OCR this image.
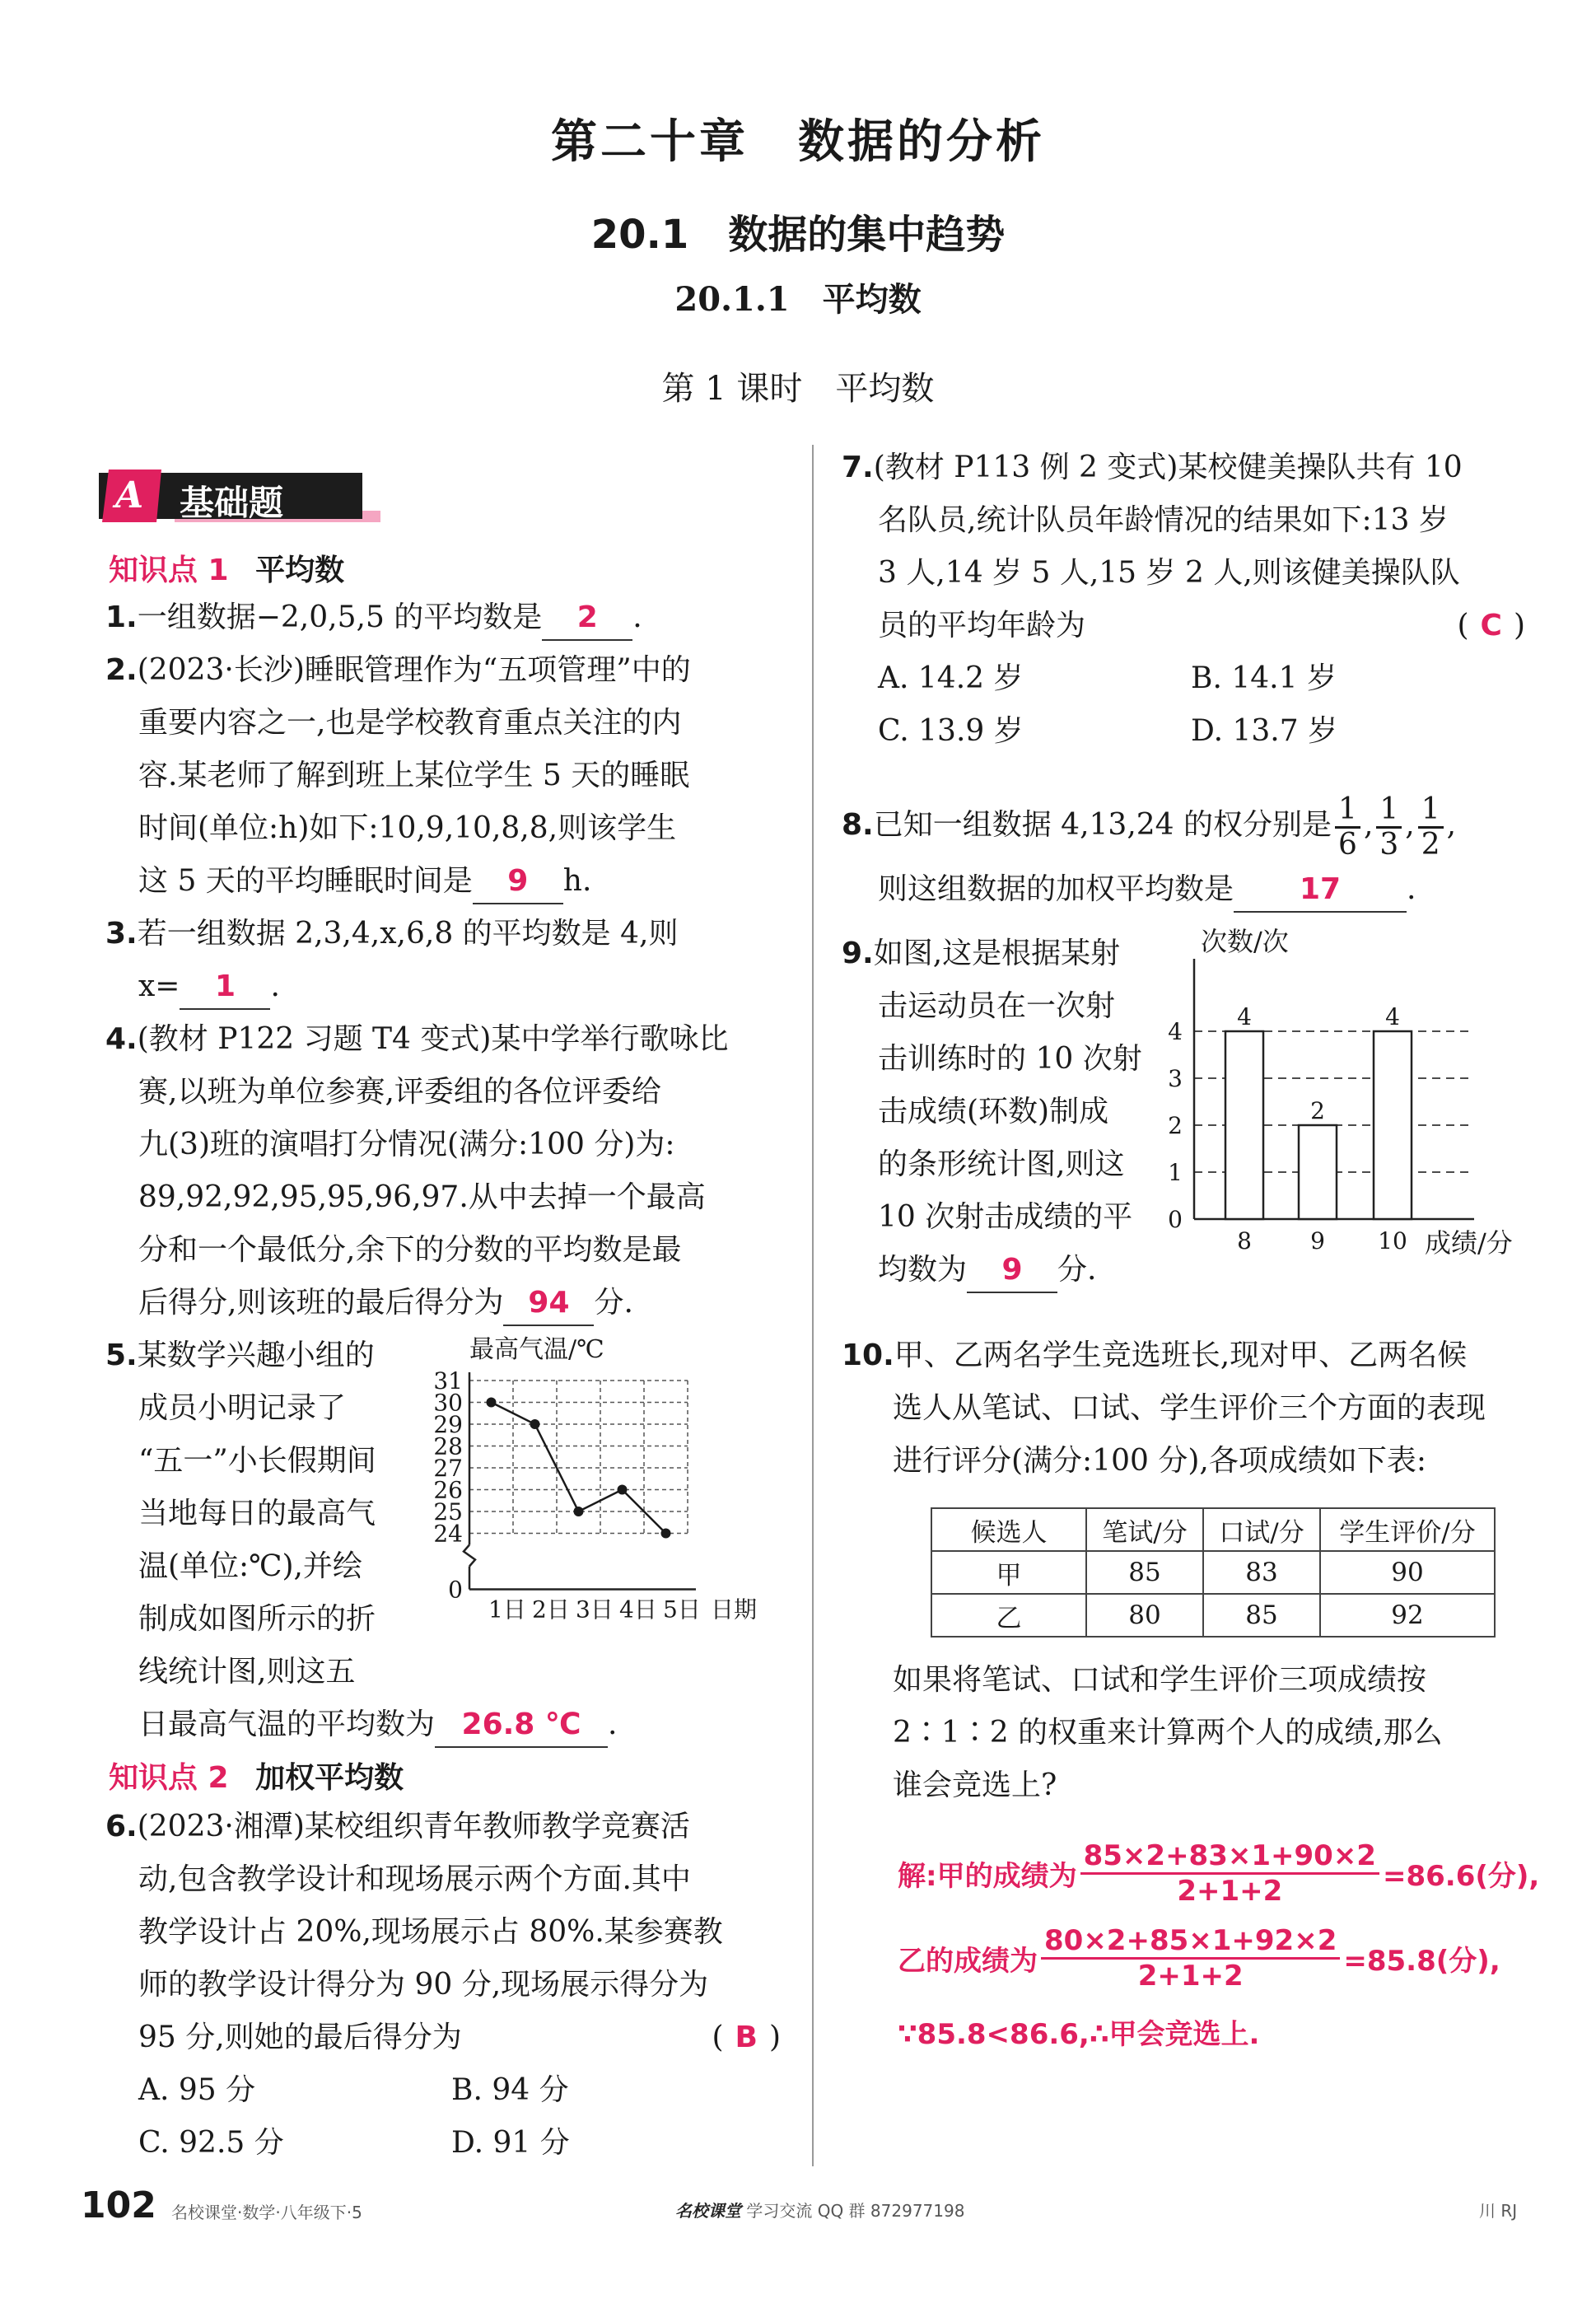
第二十章　数据的分析
20.1　数据的集中趋势
20.1.1　平均数
第 1 课时　平均数
A 基础题
知识点 1 平均数
1.一组数据−2,0,5,5 的平均数是 2 .
2.(2023·长沙)睡眠管理作为“五项管理”中的
重要内容之一,也是学校教育重点关注的内
容.某老师了解到班上某位学生 5 天的睡眠
时间(单位:h)如下:10,9,10,8,8,则该学生
这 5 天的平均睡眠时间是 9 h.
3.若一组数据 2,3,4,x,6,8 的平均数是 4,则
x= 1 .
4.(教材 P122 习题 T4 变式)某中学举行歌咏比
赛,以班为单位参赛,评委组的各位评委给
九(3)班的演唱打分情况(满分:100 分)为:
89,92,92,95,95,96,97.从中去掉一个最高
分和一个最低分,余下的分数的平均数是最
后得分,则该班的最后得分为 94 分.
5.某数学兴趣小组的
成员小明记录了
“五一”小长假期间
当地每日的最高气
温(单位:℃),并绘
制成如图所示的折
线统计图,则这五
日最高气温的平均数为 26.8 ℃ .
最高气温/℃
0
24
25
26
27
28
29
30
31
1日 2日 3日 4日 5日 日期
知识点 2 加权平均数
6.(2023·湘潭)某校组织青年教师教学竞赛活
动,包含教学设计和现场展示两个方面.其中
教学设计占 20%,现场展示占 80%.某参赛教
师的教学设计得分为 90 分,现场展示得分为
95 分,则她的最后得分为	( B )
A. 95 分	B. 94 分
C. 92.5 分	D. 91 分
7.(教材 P113 例 2 变式)某校健美操队共有 10
名队员,统计队员年龄情况的结果如下:13 岁
3 人,14 岁 5 人,15 岁 2 人,则该健美操队队
员的平均年龄为	( C )
A. 14.2 岁	B. 14.1 岁
C. 13.9 岁	D. 13.7 岁
8.已知一组数据 4,13,24 的权分别是 $\frac{1}{6}$ , $\frac{1}{3}$ , $\frac{1}{2}$ ,
则这组数据的加权平均数是 17 .
9.如图,这是根据某射
击运动员在一次射
击训练时的 10 次射
击成绩(环数)制成
的条形统计图,则这
10 次射击成绩的平
均数为 9 分.
次数/次
0
1
2
3
4
4
8
2
9
4
10 成绩/分
10.甲、乙两名学生竞选班长,现对甲、乙两名候
选人从笔试、口试、学生评价三个方面的表现
进行评分(满分:100 分),各项成绩如下表:
候选人	笔试/分	口试/分	学生评价/分
甲	85	83	90
乙	80	85	92
如果将笔试、口试和学生评价三项成绩按
2∶1∶2 的权重来计算两个人的成绩,那么
谁会竞选上?
解:甲的成绩为 $\frac{85\times 2+83\times 1+90\times 2}{2+1+2} =86.6$(分),
乙的成绩为 $\frac{80\times 2+85\times 1+92\times 2}{2+1+2} =85.8$(分),
∵85.8<86.6,∴甲会竞选上.
102 名校课堂·数学·八年级下·5	名校课堂 学习交流 QQ 群 872977198	川 RJ
